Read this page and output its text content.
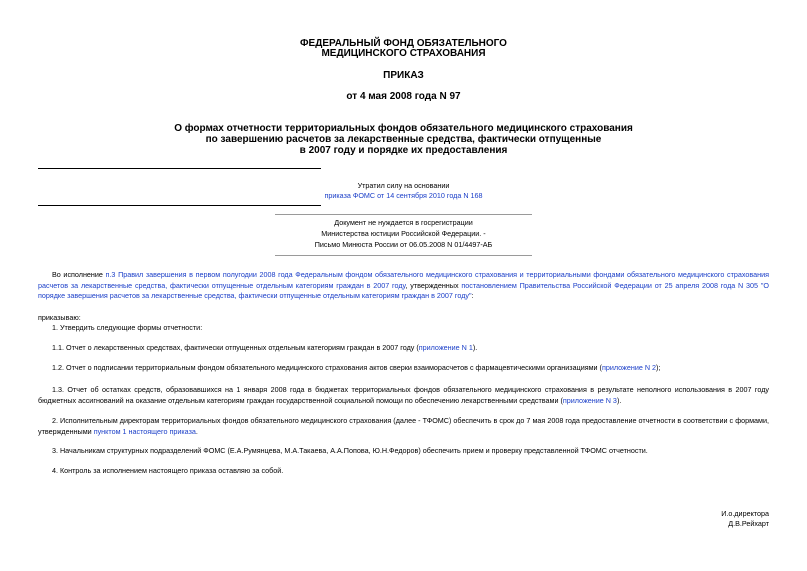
ФЕДЕРАЛЬНЫЙ ФОНД ОБЯЗАТЕЛЬНОГО
МЕДИЦИНСКОГО СТРАХОВАНИЯ
ПРИКАЗ
от 4 мая 2008 года N 97
О формах отчетности территориальных фондов обязательного медицинского страхования
по завершению расчетов за лекарственные средства, фактически отпущенные
в 2007 году и порядке их предоставления
Утратил силу на основании
приказа ФОМС от 14 сентября 2010 года N 168
Документ не нуждается в госрегистрации
Министерства юстиции Российской Федерации. -
Письмо Минюста России от 06.05.2008 N 01/4497-АБ
Во исполнение п.3 Правил завершения в первом полугодии 2008 года Федеральным фондом обязательного медицинского страхования и территориальными фондами обязательного медицинского страхования расчетов за лекарственные средства, фактически отпущенные отдельным категориям граждан в 2007 году, утвержденных постановлением Правительства Российской Федерации от 25 апреля 2008 года N 305 "О порядке завершения расчетов за лекарственные средства, фактически отпущенные отдельным категориям граждан в 2007 году":
приказываю:
1. Утвердить следующие формы отчетности:
1.1. Отчет о лекарственных средствах, фактически отпущенных отдельным категориям граждан в 2007 году (приложение N 1).
1.2. Отчет о подписании территориальным фондом обязательного медицинского страхования актов сверки взаиморасчетов с фармацевтическими организациями (приложение N 2);
1.3. Отчет об остатках средств, образовавшихся на 1 января 2008 года в бюджетах территориальных фондов обязательного медицинского страхования в результате неполного использования в 2007 году бюджетных ассигнований на оказание отдельным категориям граждан государственной социальной помощи по обеспечению лекарственными средствами (приложение N 3).
2. Исполнительным директорам территориальных фондов обязательного медицинского страхования (далее - ТФОМС) обеспечить в срок до 7 мая 2008 года предоставление отчетности в соответствии с формами, утвержденными пунктом 1 настоящего приказа.
3. Начальникам структурных подразделений ФОМС (Е.А.Румянцева, М.А.Такаева, А.А.Попова, Ю.Н.Федоров) обеспечить прием и проверку представленной ТФОМС отчетности.
4. Контроль за исполнением настоящего приказа оставляю за собой.
И.о.директора
Д.В.Рейхарт
